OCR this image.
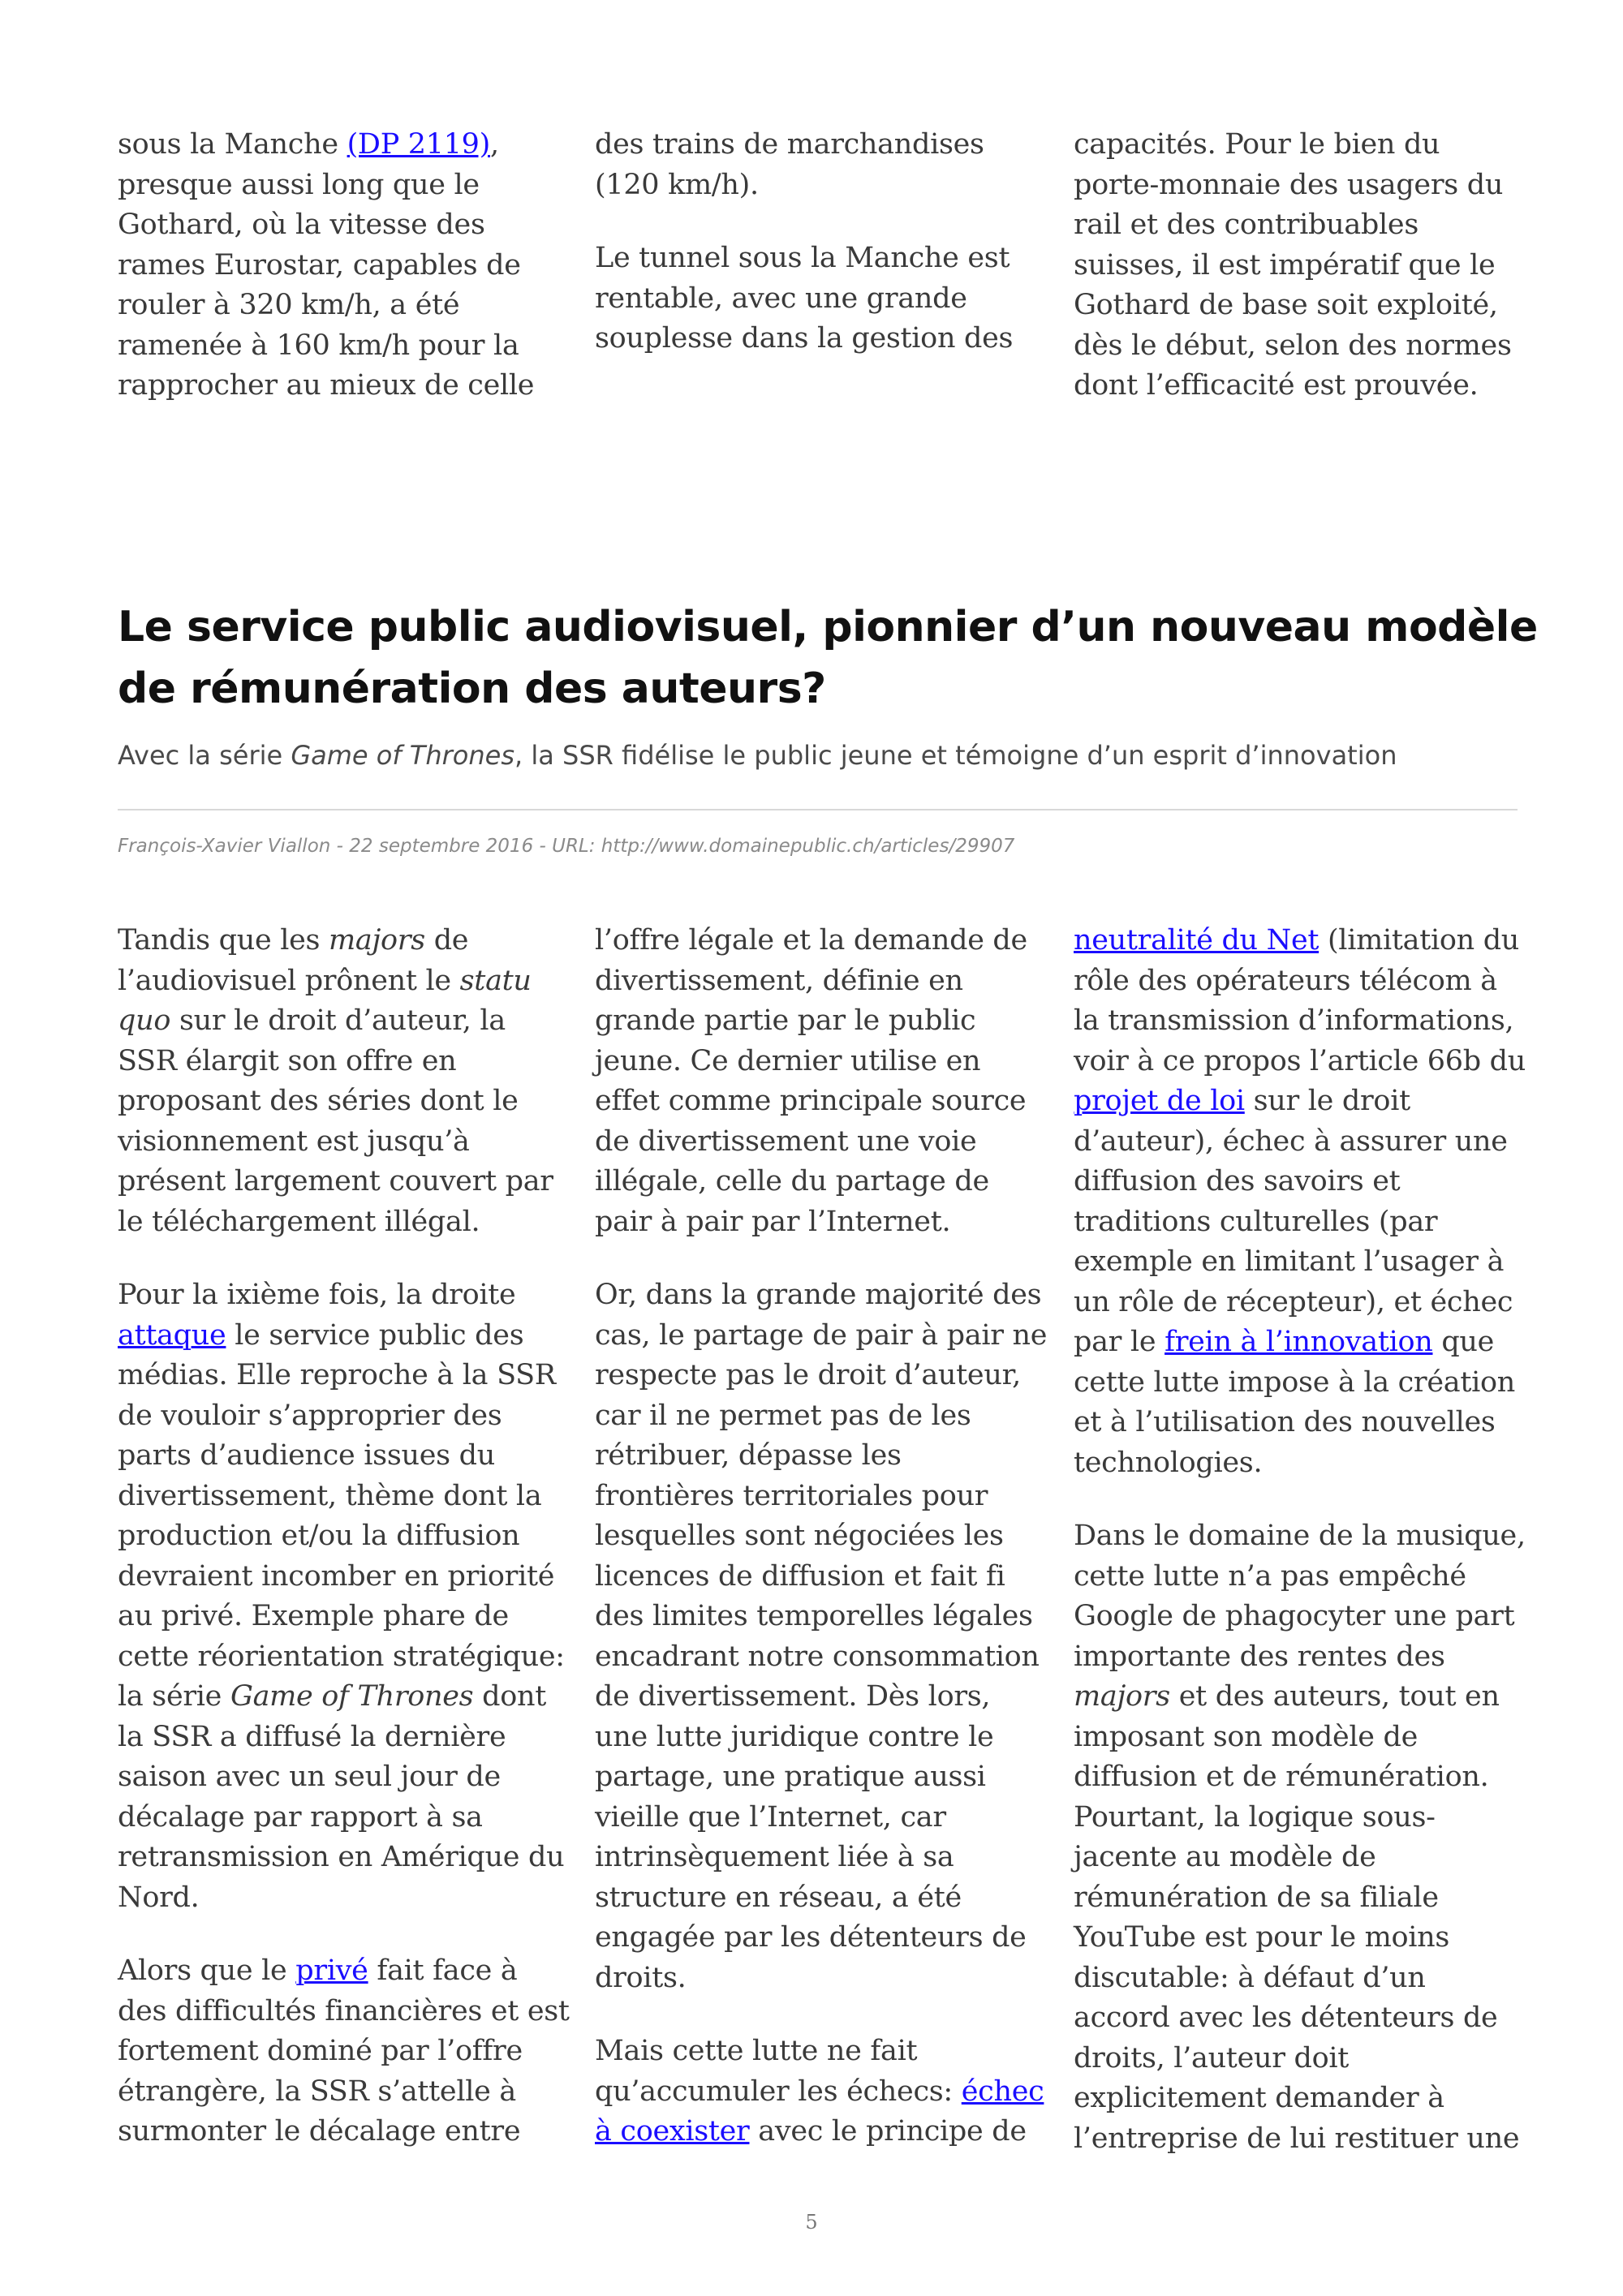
sous la Manche (DP 2119), presque aussi long que le Gothard, où la vitesse des rames Eurostar, capables de rouler à 320 km/h, a été ramenée à 160 km/h pour la rapprocher au mieux de celle

des trains de marchandises (120 km/h).

Le tunnel sous la Manche est rentable, avec une grande souplesse dans la gestion des

capacités. Pour le bien du porte-monnaie des usagers du rail et des contribuables suisses, il est impératif que le Gothard de base soit exploité, dès le début, selon des normes dont l’efficacité est prouvée.

Le service public audiovisuel, pionnier d’un nouveau modèle de rémunération des auteurs?

Avec la série Game of Thrones, la SSR fidélise le public jeune et témoigne d’un esprit d’innovation

François-Xavier Viallon - 22 septembre 2016 - URL: http://www.domainepublic.ch/articles/29907

Tandis que les majors de l’audiovisuel prônent le statu quo sur le droit d’auteur, la SSR élargit son offre en proposant des séries dont le visionnement est jusqu’à présent largement couvert par le téléchargement illégal.

Pour la ixième fois, la droite attaque le service public des médias. Elle reproche à la SSR de vouloir s’approprier des parts d’audience issues du divertissement, thème dont la production et/ou la diffusion devraient incomber en priorité au privé. Exemple phare de cette réorientation stratégique: la série Game of Thrones dont la SSR a diffusé la dernière saison avec un seul jour de décalage par rapport à sa retransmission en Amérique du Nord.

Alors que le privé fait face à des difficultés financières et est fortement dominé par l’offre étrangère, la SSR s’attelle à surmonter le décalage entre

l’offre légale et la demande de divertissement, définie en grande partie par le public jeune. Ce dernier utilise en effet comme principale source de divertissement une voie illégale, celle du partage de pair à pair par l’Internet.

Or, dans la grande majorité des cas, le partage de pair à pair ne respecte pas le droit d’auteur, car il ne permet pas de les rétribuer, dépasse les frontières territoriales pour lesquelles sont négociées les licences de diffusion et fait fi des limites temporelles légales encadrant notre consommation de divertissement. Dès lors, une lutte juridique contre le partage, une pratique aussi vieille que l’Internet, car intrinsèquement liée à sa structure en réseau, a été engagée par les détenteurs de droits.

Mais cette lutte ne fait qu’accumuler les échecs: échec à coexister avec le principe de

neutralité du Net (limitation du rôle des opérateurs télécom à la transmission d’informations, voir à ce propos l’article 66b du projet de loi sur le droit d’auteur), échec à assurer une diffusion des savoirs et traditions culturelles (par exemple en limitant l’usager à un rôle de récepteur), et échec par le frein à l’innovation que cette lutte impose à la création et à l’utilisation des nouvelles technologies.

Dans le domaine de la musique, cette lutte n’a pas empêché Google de phagocyter une part importante des rentes des majors et des auteurs, tout en imposant son modèle de diffusion et de rémunération. Pourtant, la logique sous-jacente au modèle de rémunération de sa filiale YouTube est pour le moins discutable: à défaut d’un accord avec les détenteurs de droits, l’auteur doit explicitement demander à l’entreprise de lui restituer une

5
